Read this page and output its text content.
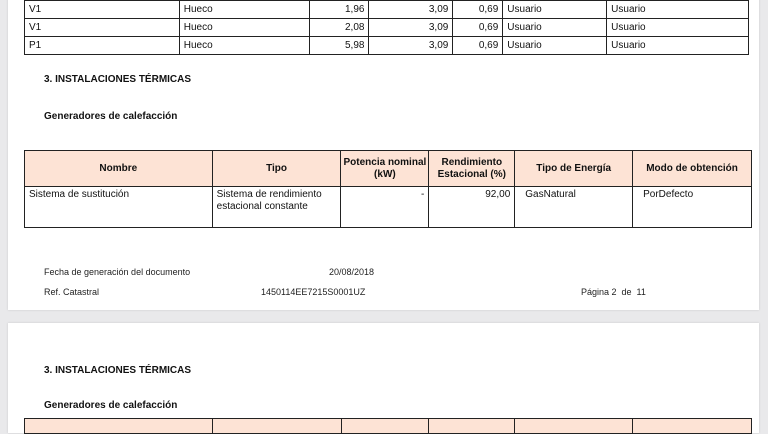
V1	Hueco	1,96	3,09	0,69	Usuario	Usuario
V1	Hueco	2,08	3,09	0,69	Usuario	Usuario
P1	Hueco	5,98	3,09	0,69	Usuario	Usuario
3. INSTALACIONES TÉRMICAS
Generadores de calefacción
Nombre	Tipo	Potencia nominal (kW)	Rendimiento Estacional (%)	Tipo de Energía	Modo de obtención
Sistema de sustitución	Sistema de rendimiento estacional constante	-	92,00	GasNatural	PorDefecto
Fecha de generación del documento	20/08/2018
Ref. Catastral	1450114EE7215S0001UZ	Página 2  de  11
3. INSTALACIONES TÉRMICAS
Generadores de calefacción
